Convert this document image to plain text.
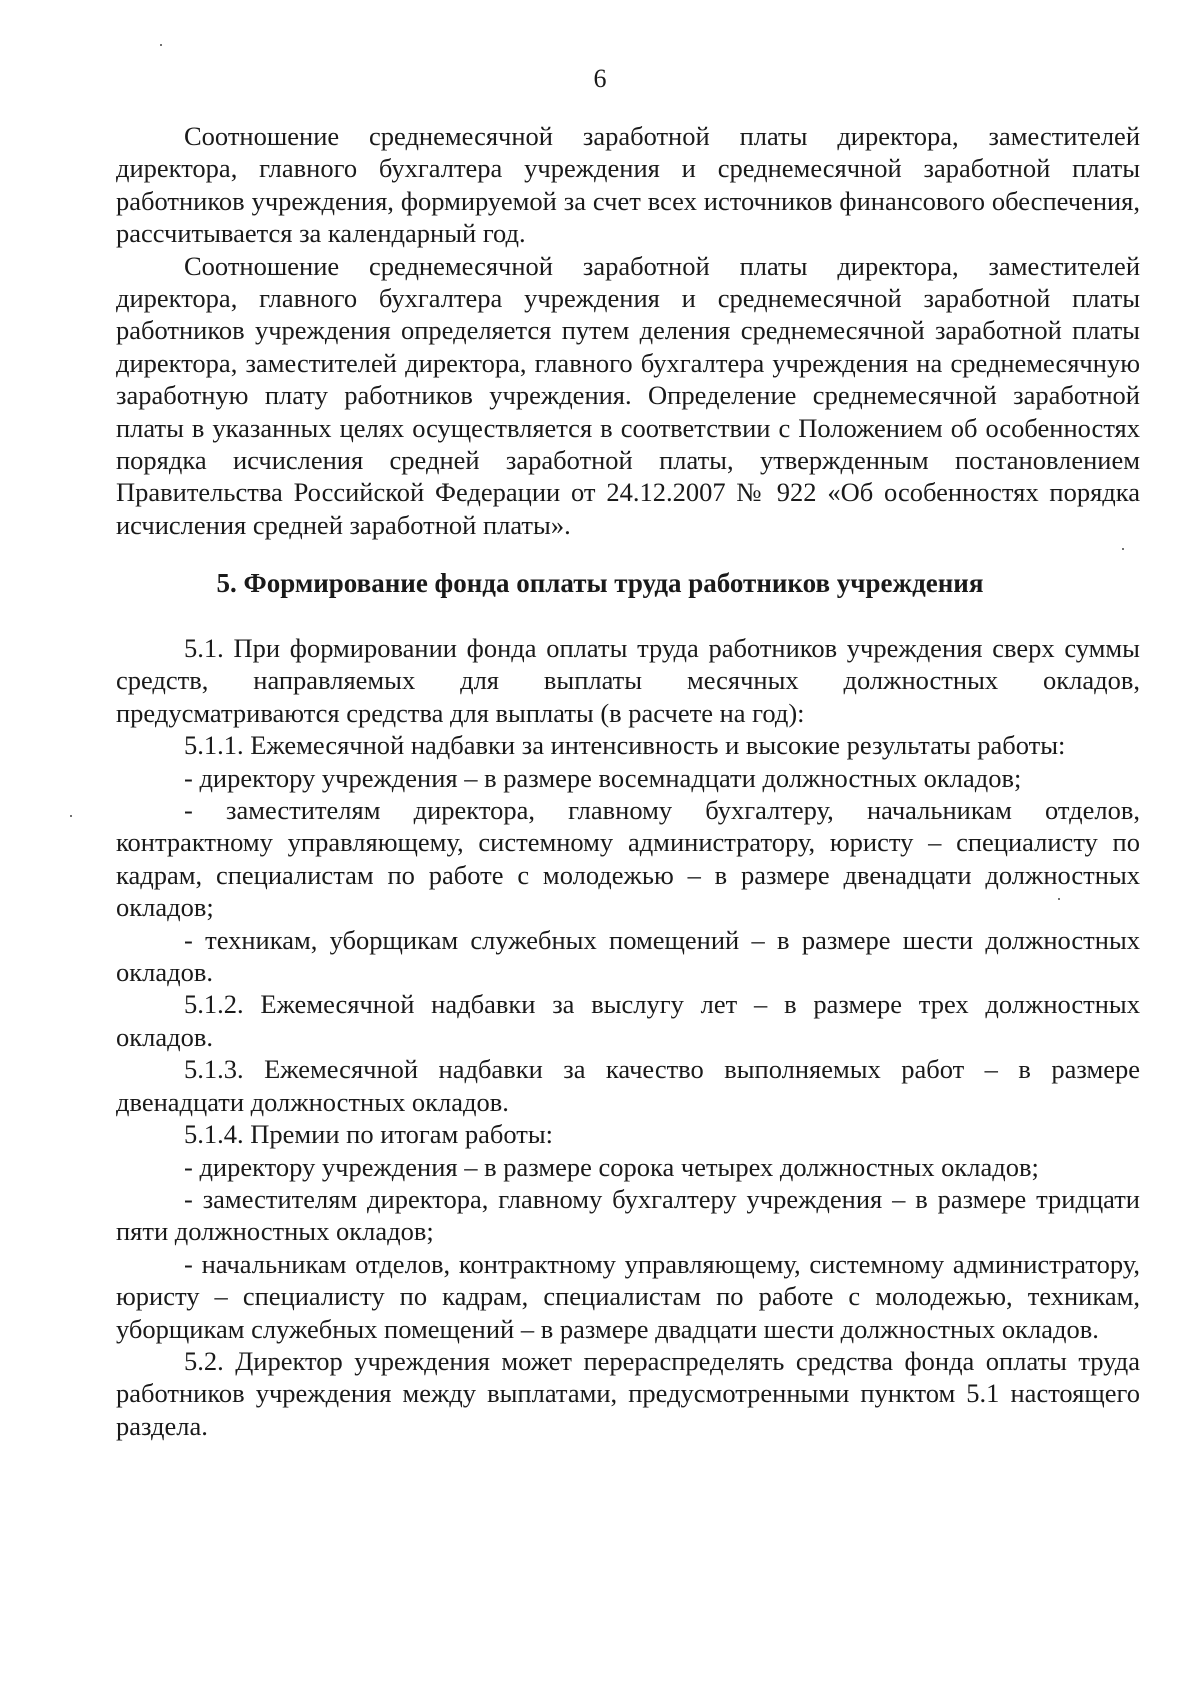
6

Соотношение среднемесячной заработной платы директора, заместителей директора, главного бухгалтера учреждения и среднемесячной заработной платы работников учреждения, формируемой за счет всех источников финансового обеспечения, рассчитывается за календарный год.

Соотношение среднемесячной заработной платы директора, заместителей директора, главного бухгалтера учреждения и среднемесячной заработной платы работников учреждения определяется путем деления среднемесячной заработной платы директора, заместителей директора, главного бухгалтера учреждения на среднемесячную заработную плату работников учреждения. Определение среднемесячной заработной платы в указанных целях осуществляется в соответствии с Положением об особенностях порядка исчисления средней заработной платы, утвержденным постановлением Правительства Российской Федерации от 24.12.2007 № 922 «Об особенностях порядка исчисления средней заработной платы».

5. Формирование фонда оплаты труда работников учреждения

5.1. При формировании фонда оплаты труда работников учреждения сверх суммы средств, направляемых для выплаты месячных должностных окладов, предусматриваются средства для выплаты (в расчете на год):

5.1.1. Ежемесячной надбавки за интенсивность и высокие результаты работы:

- директору учреждения – в размере восемнадцати должностных окладов;

- заместителям директора, главному бухгалтеру, начальникам отделов, контрактному управляющему, системному администратору, юристу – специалисту по кадрам, специалистам по работе с молодежью – в размере двенадцати должностных окладов;

- техникам, уборщикам служебных помещений – в размере шести должностных окладов.

5.1.2. Ежемесячной надбавки за выслугу лет – в размере трех должностных окладов.

5.1.3. Ежемесячной надбавки за качество выполняемых работ – в размере двенадцати должностных окладов.

5.1.4. Премии по итогам работы:

- директору учреждения – в размере сорока четырех должностных окладов;

- заместителям директора, главному бухгалтеру учреждения – в размере тридцати пяти должностных окладов;

- начальникам отделов, контрактному управляющему, системному администратору, юристу – специалисту по кадрам, специалистам по работе с молодежью, техникам, уборщикам служебных помещений – в размере двадцати шести должностных окладов.

5.2. Директор учреждения может перераспределять средства фонда оплаты труда работников учреждения между выплатами, предусмотренными пунктом 5.1 настоящего раздела.
